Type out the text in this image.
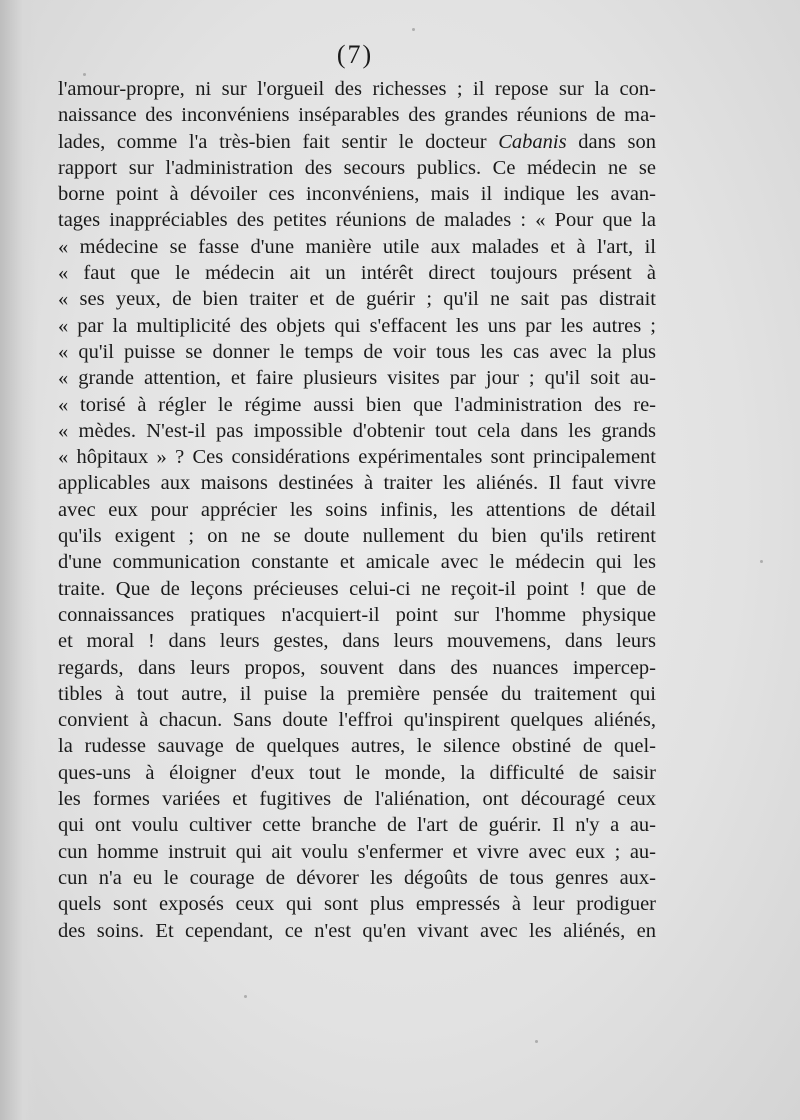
(7)
l'amour-propre, ni sur l'orgueil des richesses ; il repose sur la con-
naissance des inconvéniens inséparables des grandes réunions de ma-
lades, comme l'a très-bien fait sentir le docteur Cabanis dans son
rapport sur l'administration des secours publics. Ce médecin ne se
borne point à dévoiler ces inconvéniens, mais il indique les avan-
tages inappréciables des petites réunions de malades : « Pour que la
« médecine se fasse d'une manière utile aux malades et à l'art, il
« faut que le médecin ait un intérêt direct toujours présent à
« ses yeux, de bien traiter et de guérir ; qu'il ne sait pas distrait
« par la multiplicité des objets qui s'effacent les uns par les autres ;
« qu'il puisse se donner le temps de voir tous les cas avec la plus
« grande attention, et faire plusieurs visites par jour ; qu'il soit au-
« torisé à régler le régime aussi bien que l'administration des re-
« mèdes. N'est-il pas impossible d'obtenir tout cela dans les grands
« hôpitaux » ? Ces considérations expérimentales sont principalement
applicables aux maisons destinées à traiter les aliénés. Il faut vivre
avec eux pour apprécier les soins infinis, les attentions de détail
qu'ils exigent ; on ne se doute nullement du bien qu'ils retirent
d'une communication constante et amicale avec le médecin qui les
traite. Que de leçons précieuses celui-ci ne reçoit-il point ! que de
connaissances pratiques n'acquiert-il point sur l'homme physique
et moral ! dans leurs gestes, dans leurs mouvemens, dans leurs
regards, dans leurs propos, souvent dans des nuances impercep-
tibles à tout autre, il puise la première pensée du traitement qui
convient à chacun. Sans doute l'effroi qu'inspirent quelques aliénés,
la rudesse sauvage de quelques autres, le silence obstiné de quel-
ques-uns à éloigner d'eux tout le monde, la difficulté de saisir
les formes variées et fugitives de l'aliénation, ont découragé ceux
qui ont voulu cultiver cette branche de l'art de guérir. Il n'y a au-
cun homme instruit qui ait voulu s'enfermer et vivre avec eux ; au-
cun n'a eu le courage de dévorer les dégoûts de tous genres aux-
quels sont exposés ceux qui sont plus empressés à leur prodiguer
des soins. Et cependant, ce n'est qu'en vivant avec les aliénés, en
